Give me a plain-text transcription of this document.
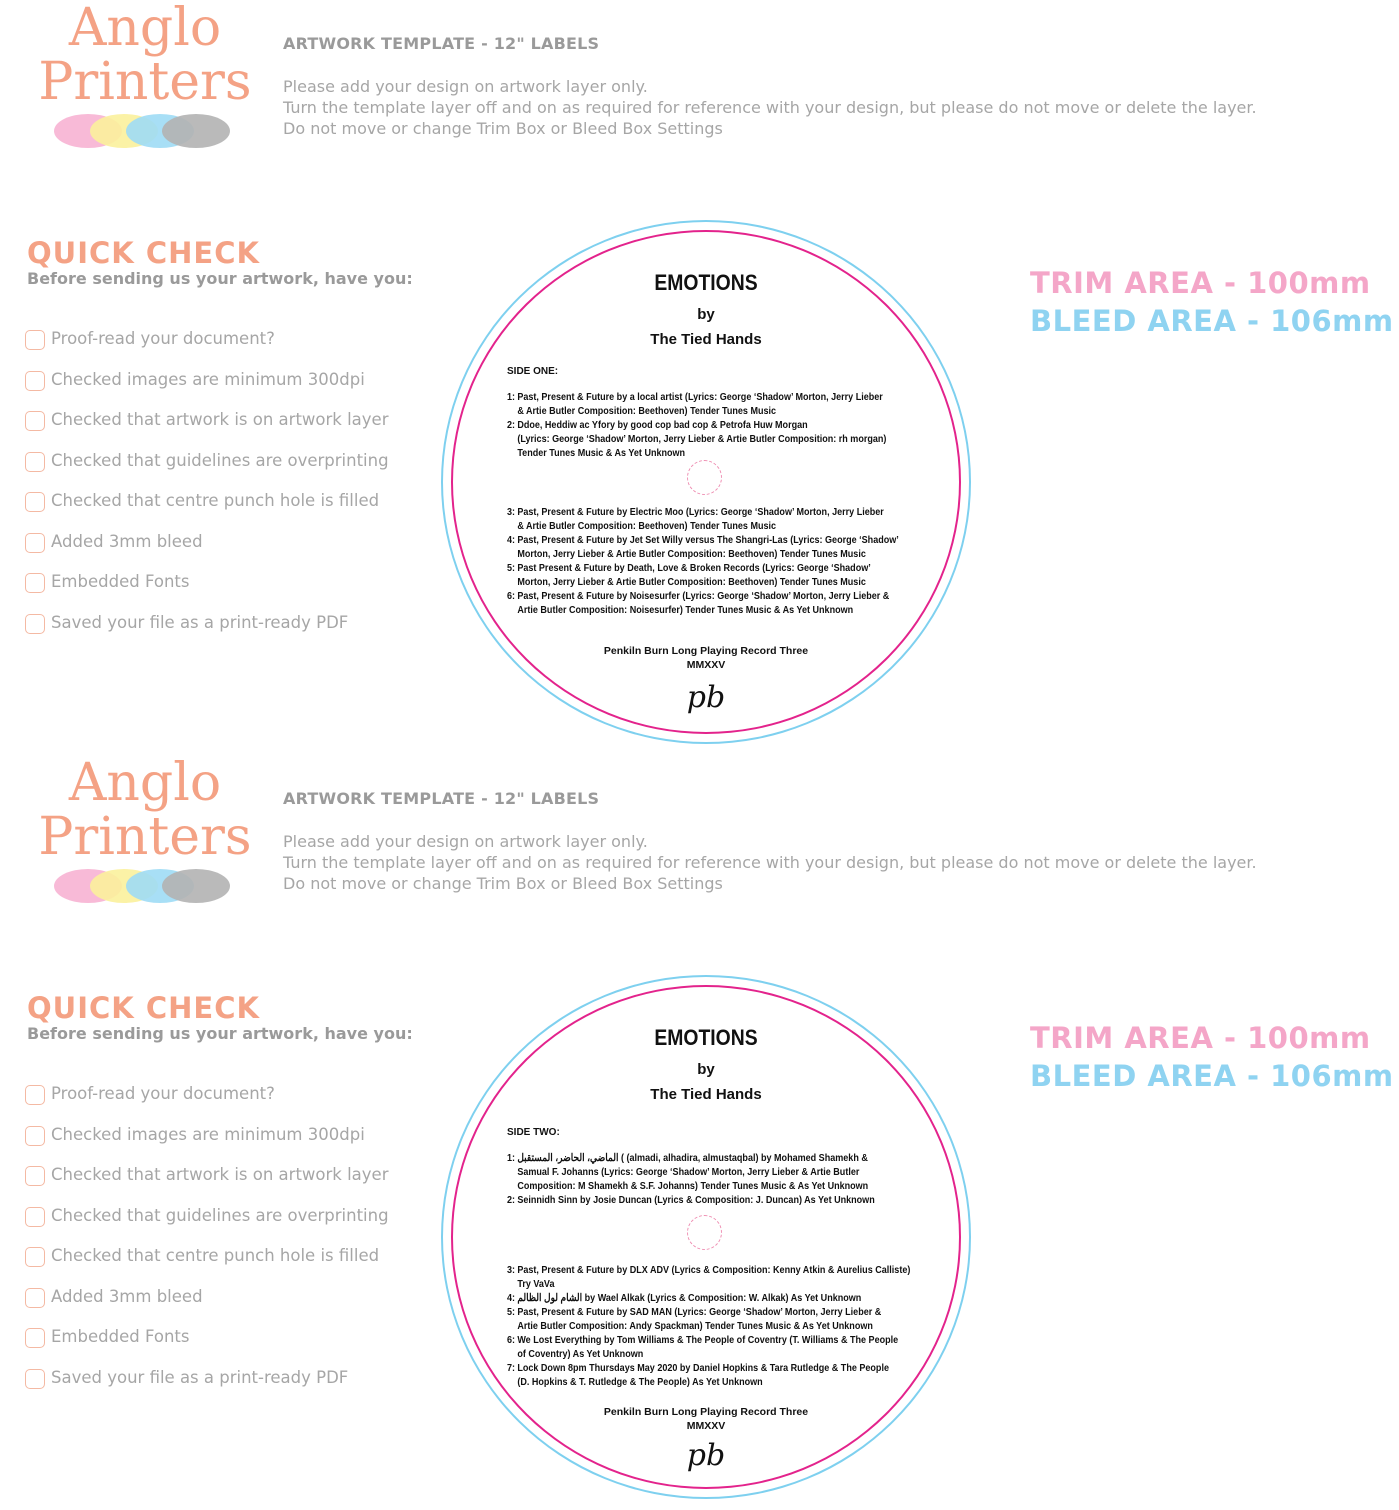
Anglo
Printers
ARTWORK TEMPLATE - 12" LABELS
Please add your design on artwork layer only.
Turn the template layer off and on as required for reference with your design, but please do not move or delete the layer.
Do not move or change Trim Box or Bleed Box Settings
QUICK CHECK
Before sending us your artwork, have you:	TRIM AREA - 100mm
BLEED AREA - 106mm
EMOTIONS
by
The Tied Hands
SIDE ONE:
Penkiln Burn Long Playing Record Three
MMXXV
pb
1: Past, Present & Future by a local artist (Lyrics: George ‘Shadow’ Morton, Jerry Lieber
& Artie Butler Composition: Beethoven) Tender Tunes Music
2: Ddoe, Heddiw ac Yfory by good cop bad cop & Petrofa Huw Morgan
(Lyrics: George ‘Shadow’ Morton, Jerry Lieber & Artie Butler Composition: rh morgan)
Tender Tunes Music & As Yet Unknown
3: Past, Present & Future by Electric Moo (Lyrics: George ‘Shadow’ Morton, Jerry Lieber
& Artie Butler Composition: Beethoven) Tender Tunes Music
4: Past, Present & Future by Jet Set Willy versus The Shangri-Las (Lyrics: George ‘Shadow’
Morton, Jerry Lieber & Artie Butler Composition: Beethoven) Tender Tunes Music
5: Past Present & Future by Death, Love & Broken Records (Lyrics: George ‘Shadow’
Morton, Jerry Lieber & Artie Butler Composition: Beethoven) Tender Tunes Music
6: Past, Present & Future by Noisesurfer (Lyrics: George ‘Shadow’ Morton, Jerry Lieber &
Artie Butler Composition: Noisesurfer) Tender Tunes Music & As Yet Unknown
Proof-read your document?
Checked images are minimum 300dpi
Checked that artwork is on artwork layer
Checked that guidelines are overprinting
Checked that centre punch hole is filled
Added 3mm bleed
Embedded Fonts
Saved your file as a print-ready PDF
Anglo
Printers
ARTWORK TEMPLATE - 12" LABELS
Please add your design on artwork layer only.
Turn the template layer off and on as required for reference with your design, but please do not move or delete the layer.
Do not move or change Trim Box or Bleed Box Settings
QUICK CHECK
Before sending us your artwork, have you:	TRIM AREA - 100mm
BLEED AREA - 106mm
EMOTIONS
by
The Tied Hands
SIDE TWO:
Penkiln Burn Long Playing Record Three
MMXXV
pb
1: الماضي، الحاضر، المستقبل ( (almadi, alhadira, almustaqbal) by Mohamed Shamekh &
Samual F. Johanns (Lyrics: George ‘Shadow’ Morton, Jerry Lieber & Artie Butler
Composition: M Shamekh & S.F. Johanns) Tender Tunes Music & As Yet Unknown
2: Seinnidh Sinn by Josie Duncan (Lyrics & Composition: J. Duncan) As Yet Unknown
3: Past, Present & Future by DLX ADV (Lyrics & Composition: Kenny Atkin & Aurelius Calliste)
Try VaVa
4: الشام لول الظالم by Wael Alkak (Lyrics & Composition: W. Alkak) As Yet Unknown
5: Past, Present & Future by SAD MAN (Lyrics: George ‘Shadow’ Morton, Jerry Lieber &
Artie Butler Composition: Andy Spackman) Tender Tunes Music & As Yet Unknown
6: We Lost Everything by Tom Williams & The People of Coventry (T. Williams & The People
of Coventry) As Yet Unknown
7: Lock Down 8pm Thursdays May 2020 by Daniel Hopkins & Tara Rutledge & The People
(D. Hopkins & T. Rutledge & The People) As Yet Unknown
Proof-read your document?
Checked images are minimum 300dpi
Checked that artwork is on artwork layer
Checked that guidelines are overprinting
Checked that centre punch hole is filled
Added 3mm bleed
Embedded Fonts
Saved your file as a print-ready PDF
